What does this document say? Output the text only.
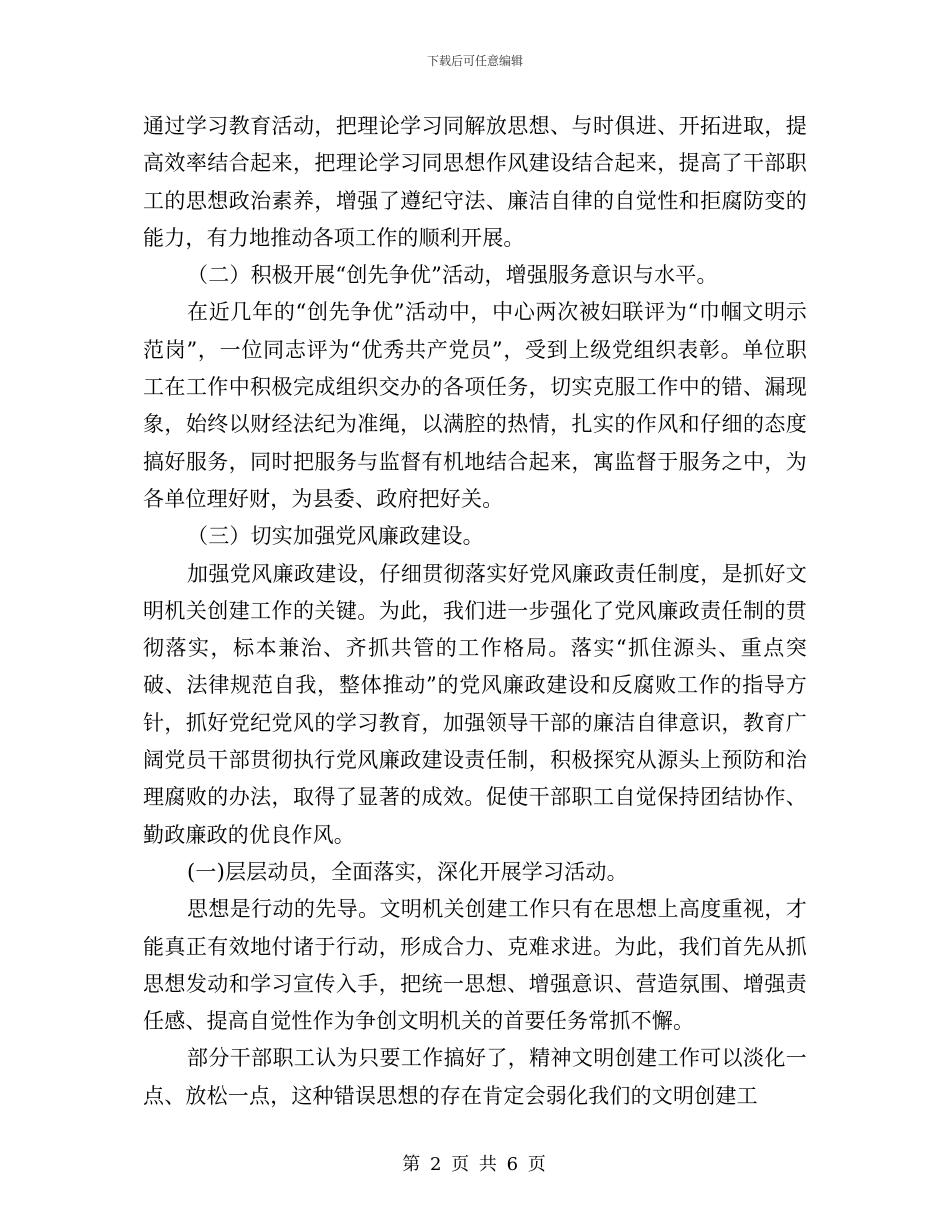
下载后可任意编辑

通过学习教育活动，把理论学习同解放思想、与时俱进、开拓进取，提高效率结合起来，把理论学习同思想作风建设结合起来，提高了干部职工的思想政治素养，增强了遵纪守法、廉洁自律的自觉性和拒腐防变的能力，有力地推动各项工作的顺利开展。

（二）积极开展“创先争优”活动，增强服务意识与水平。

在近几年的“创先争优”活动中，中心两次被妇联评为“巾帼文明示范岗”，一位同志评为“优秀共产党员”，受到上级党组织表彰。单位职工在工作中积极完成组织交办的各项任务，切实克服工作中的错、漏现象，始终以财经法纪为准绳，以满腔的热情，扎实的作风和仔细的态度搞好服务，同时把服务与监督有机地结合起来，寓监督于服务之中，为各单位理好财，为县委、政府把好关。

（三）切实加强党风廉政建设。

加强党风廉政建设，仔细贯彻落实好党风廉政责任制度，是抓好文明机关创建工作的关键。为此，我们进一步强化了党风廉政责任制的贯彻落实，标本兼治、齐抓共管的工作格局。落实“抓住源头、重点突破、法律规范自我，整体推动”的党风廉政建设和反腐败工作的指导方针，抓好党纪党风的学习教育，加强领导干部的廉洁自律意识，教育广阔党员干部贯彻执行党风廉政建设责任制，积极探究从源头上预防和治理腐败的办法，取得了显著的成效。促使干部职工自觉保持团结协作、勤政廉政的优良作风。

(一)层层动员，全面落实，深化开展学习活动。

思想是行动的先导。文明机关创建工作只有在思想上高度重视，才能真正有效地付诸于行动，形成合力、克难求进。为此，我们首先从抓思想发动和学习宣传入手，把统一思想、增强意识、营造氛围、增强责任感、提高自觉性作为争创文明机关的首要任务常抓不懈。

部分干部职工认为只要工作搞好了，精神文明创建工作可以淡化一点、放松一点，这种错误思想的存在肯定会弱化我们的文明创建工

第 2 页 共 6 页
